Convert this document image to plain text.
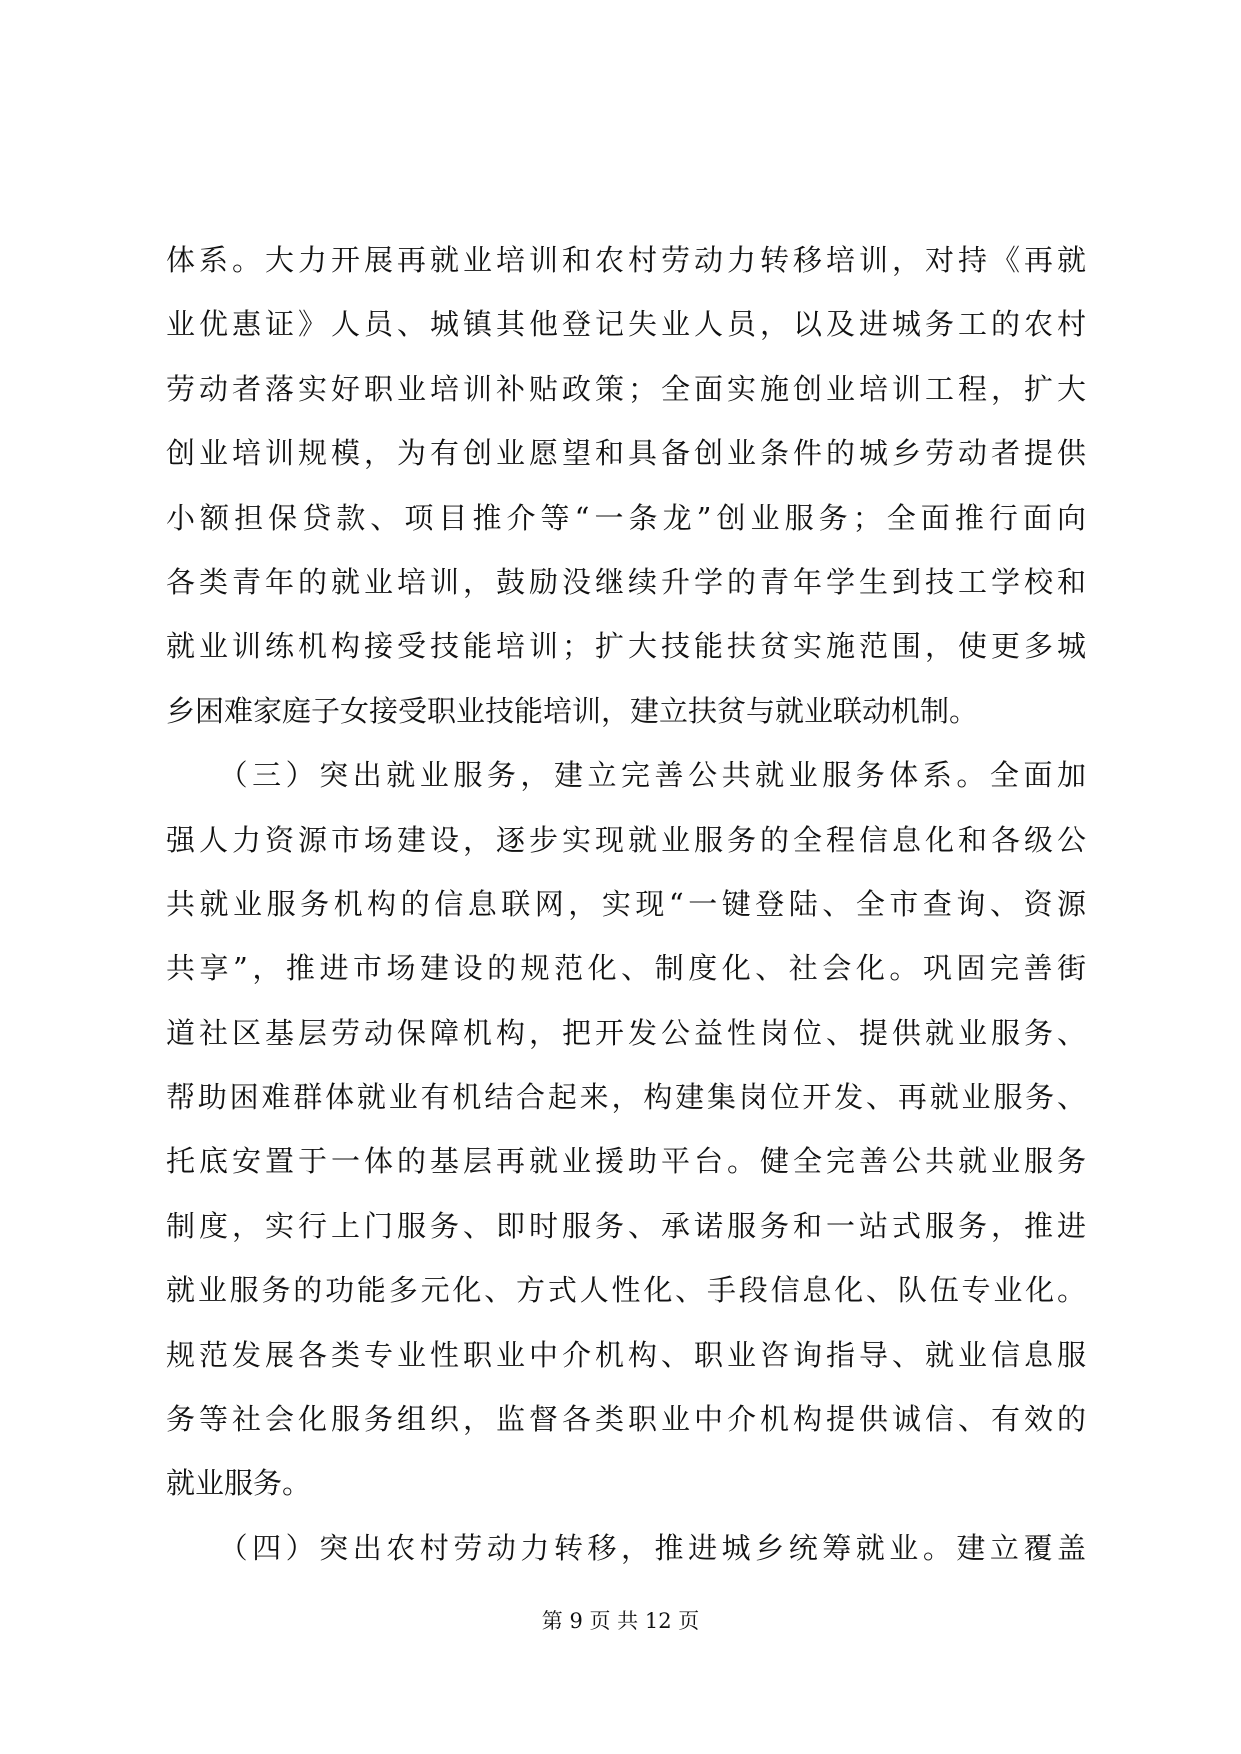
体系。大力开展再就业培训和农村劳动力转移培训，对持《再就
业优惠证》人员、城镇其他登记失业人员，以及进城务工的农村
劳动者落实好职业培训补贴政策；全面实施创业培训工程，扩大
创业培训规模，为有创业愿望和具备创业条件的城乡劳动者提供
小额担保贷款、项目推介等“一条龙”创业服务；全面推行面向
各类青年的就业培训，鼓励没继续升学的青年学生到技工学校和
就业训练机构接受技能培训；扩大技能扶贫实施范围，使更多城
乡困难家庭子女接受职业技能培训，建立扶贫与就业联动机制。
　　（三）突出就业服务，建立完善公共就业服务体系。全面加
强人力资源市场建设，逐步实现就业服务的全程信息化和各级公
共就业服务机构的信息联网，实现“一键登陆、全市查询、资源
共享”，推进市场建设的规范化、制度化、社会化。巩固完善街
道社区基层劳动保障机构，把开发公益性岗位、提供就业服务、
帮助困难群体就业有机结合起来，构建集岗位开发、再就业服务、
托底安置于一体的基层再就业援助平台。健全完善公共就业服务
制度，实行上门服务、即时服务、承诺服务和一站式服务，推进
就业服务的功能多元化、方式人性化、手段信息化、队伍专业化。
规范发展各类专业性职业中介机构、职业咨询指导、就业信息服
务等社会化服务组织，监督各类职业中介机构提供诚信、有效的
就业服务。
　　（四）突出农村劳动力转移，推进城乡统筹就业。建立覆盖
第 9 页 共 12 页
